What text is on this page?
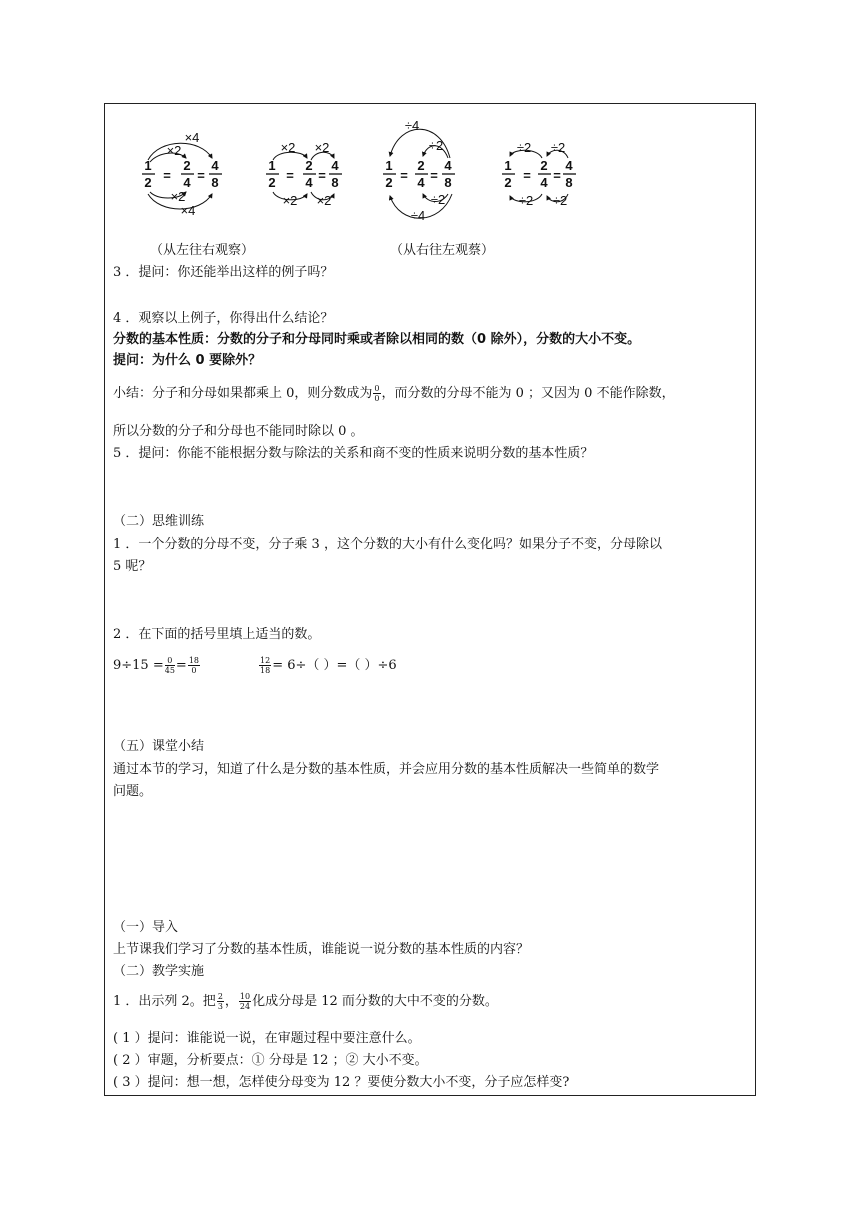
1
2 =
2
4 =
4
8
×4
×2
×2
×4
1
2 =
2
4 =
4
8
×2 ×2
×2 ×2
1
2 =
2
4 =
4
8
÷4
÷2
÷2
÷4
1
2 =
2
4 =
4
8
÷2 ÷2
÷2 ÷2
（从左往右观察）	（从右往左观蔡）
3 ．提问：你还能举出这样的例子吗？
4 ．观察以上例子，你得出什么结论？
分数的基本性质：分数的分子和分母同时乘或者除以相同的数（0 除外），分数的大小不变。
提问：为什么 0 要除外？
小结：分子和分母如果都乘上 0，则分数成为 $\frac{0}{0}$ ，而分数的分母不能为 0 ；又因为 0 不能作除数，
所以分数的分子和分母也不能同时除以 0 。
5 ．提问：你能不能根据分数与除法的关系和商不变的性质来说明分数的基本性质？
（二）思维训练
1 ．一个分数的分母不变，分子乘 3 ，这个分数的大小有什么变化吗？如果分子不变，分母除以
5 呢？
2 ．在下面的括号里填上适当的数。
$9\div 15 = \frac{0}{45} = \frac{18}{0}$	$\frac{12}{18} = 6\div$（ ）=（ ）÷6
（五）课堂小结
通过本节的学习，知道了什么是分数的基本性质，并会应用分数的基本性质解决一些简单的数学
问题。
（一）导入
上节课我们学习了分数的基本性质，谁能说一说分数的基本性质的内容？
（二）教学实施
1 ．出示列 2。把 $\frac{2}{3}$ ， $\frac{10}{24}$ 化成分母是 12 而分数的大中不变的分数。
( 1 ）提问：谁能说一说，在审题过程中要注意什么。
( 2 ）审题，分析要点：① 分母是 12 ；② 大小不变。
( 3 ）提问：想一想，怎样使分母变为 12 ？要使分数大小不变，分子应怎样变?
